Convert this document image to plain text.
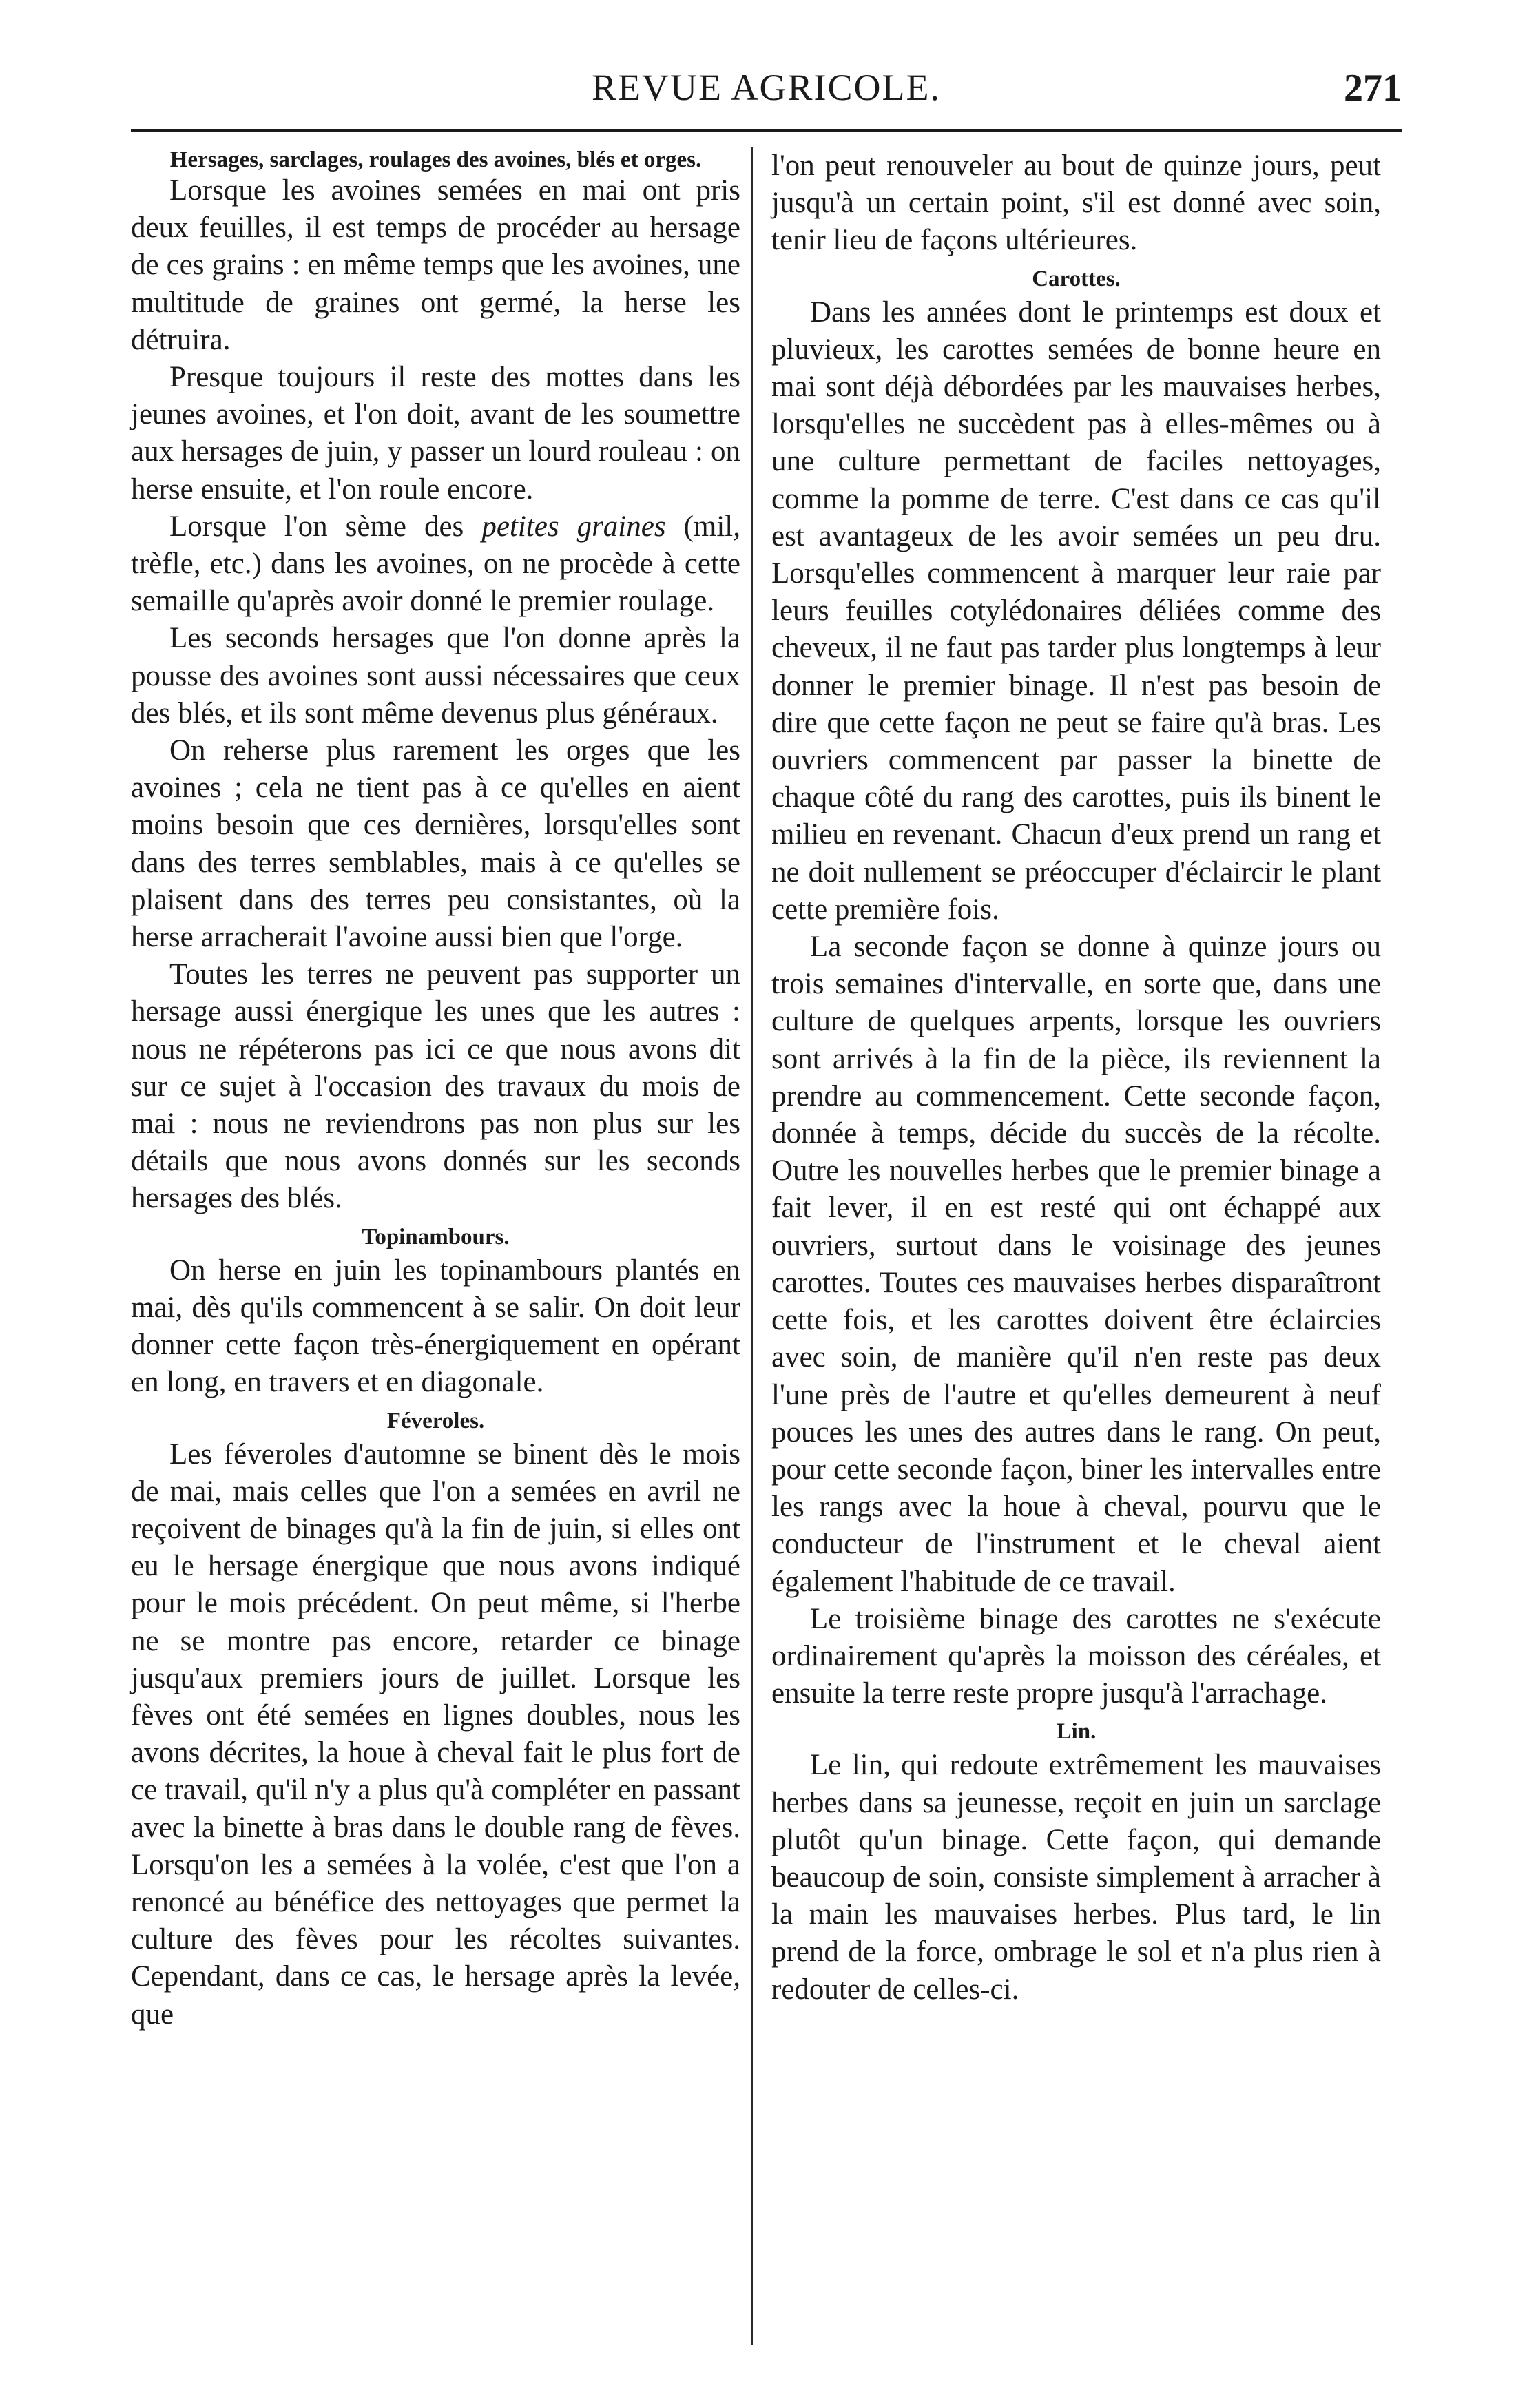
REVUE AGRICOLE.	271
Hersages, sarclages, roulages des avoines, blés et orges.

Lorsque les avoines semées en mai ont pris deux feuilles, il est temps de procéder au hersage de ces grains : en même temps que les avoines, une multitude de graines ont germé, la herse les détruira.

Presque toujours il reste des mottes dans les jeunes avoines, et l'on doit, avant de les soumettre aux hersages de juin, y passer un lourd rouleau : on herse ensuite, et l'on roule encore.

Lorsque l'on sème des petites graines (mil, trèfle, etc.) dans les avoines, on ne procède à cette semaille qu'après avoir donné le premier roulage.

Les seconds hersages que l'on donne après la pousse des avoines sont aussi nécessaires que ceux des blés, et ils sont même devenus plus généraux.

On reherse plus rarement les orges que les avoines ; cela ne tient pas à ce qu'elles en aient moins besoin que ces dernières, lorsqu'elles sont dans des terres semblables, mais à ce qu'elles se plaisent dans des terres peu consistantes, où la herse arracherait l'avoine aussi bien que l'orge.

Toutes les terres ne peuvent pas supporter un hersage aussi énergique les unes que les autres : nous ne répéterons pas ici ce que nous avons dit sur ce sujet à l'occasion des travaux du mois de mai : nous ne reviendrons pas non plus sur les détails que nous avons donnés sur les seconds hersages des blés.

Topinambours.

On herse en juin les topinambours plantés en mai, dès qu'ils commencent à se salir. On doit leur donner cette façon très-énergiquement en opérant en long, en travers et en diagonale.

Féveroles.

Les féveroles d'automne se binent dès le mois de mai, mais celles que l'on a semées en avril ne reçoivent de binages qu'à la fin de juin, si elles ont eu le hersage énergique que nous avons indiqué pour le mois précédent. On peut même, si l'herbe ne se montre pas encore, retarder ce binage jusqu'aux premiers jours de juillet. Lorsque les fèves ont été semées en lignes doubles, nous les avons décrites, la houe à cheval fait le plus fort de ce travail, qu'il n'y a plus qu'à compléter en passant avec la binette à bras dans le double rang de fèves. Lorsqu'on les a semées à la volée, c'est que l'on a renoncé au bénéfice des nettoyages que permet la culture des fèves pour les récoltes suivantes. Cependant, dans ce cas, le hersage après la levée, que

l'on peut renouveler au bout de quinze jours, peut jusqu'à un certain point, s'il est donné avec soin, tenir lieu de façons ultérieures.

Carottes.

Dans les années dont le printemps est doux et pluvieux, les carottes semées de bonne heure en mai sont déjà débordées par les mauvaises herbes, lorsqu'elles ne succèdent pas à elles-mêmes ou à une culture permettant de faciles nettoyages, comme la pomme de terre. C'est dans ce cas qu'il est avantageux de les avoir semées un peu dru. Lorsqu'elles commencent à marquer leur raie par leurs feuilles cotylédonaires déliées comme des cheveux, il ne faut pas tarder plus longtemps à leur donner le premier binage. Il n'est pas besoin de dire que cette façon ne peut se faire qu'à bras. Les ouvriers commencent par passer la binette de chaque côté du rang des carottes, puis ils binent le milieu en revenant. Chacun d'eux prend un rang et ne doit nullement se préoccuper d'éclaircir le plant cette première fois.

La seconde façon se donne à quinze jours ou trois semaines d'intervalle, en sorte que, dans une culture de quelques arpents, lorsque les ouvriers sont arrivés à la fin de la pièce, ils reviennent la prendre au commencement. Cette seconde façon, donnée à temps, décide du succès de la récolte. Outre les nouvelles herbes que le premier binage a fait lever, il en est resté qui ont échappé aux ouvriers, surtout dans le voisinage des jeunes carottes. Toutes ces mauvaises herbes disparaîtront cette fois, et les carottes doivent être éclaircies avec soin, de manière qu'il n'en reste pas deux l'une près de l'autre et qu'elles demeurent à neuf pouces les unes des autres dans le rang. On peut, pour cette seconde façon, biner les intervalles entre les rangs avec la houe à cheval, pourvu que le conducteur de l'instrument et le cheval aient également l'habitude de ce travail.

Le troisième binage des carottes ne s'exécute ordinairement qu'après la moisson des céréales, et ensuite la terre reste propre jusqu'à l'arrachage.

Lin.

Le lin, qui redoute extrêmement les mauvaises herbes dans sa jeunesse, reçoit en juin un sarclage plutôt qu'un binage. Cette façon, qui demande beaucoup de soin, consiste simplement à arracher à la main les mauvaises herbes. Plus tard, le lin prend de la force, ombrage le sol et n'a plus rien à redouter de celles-ci.
